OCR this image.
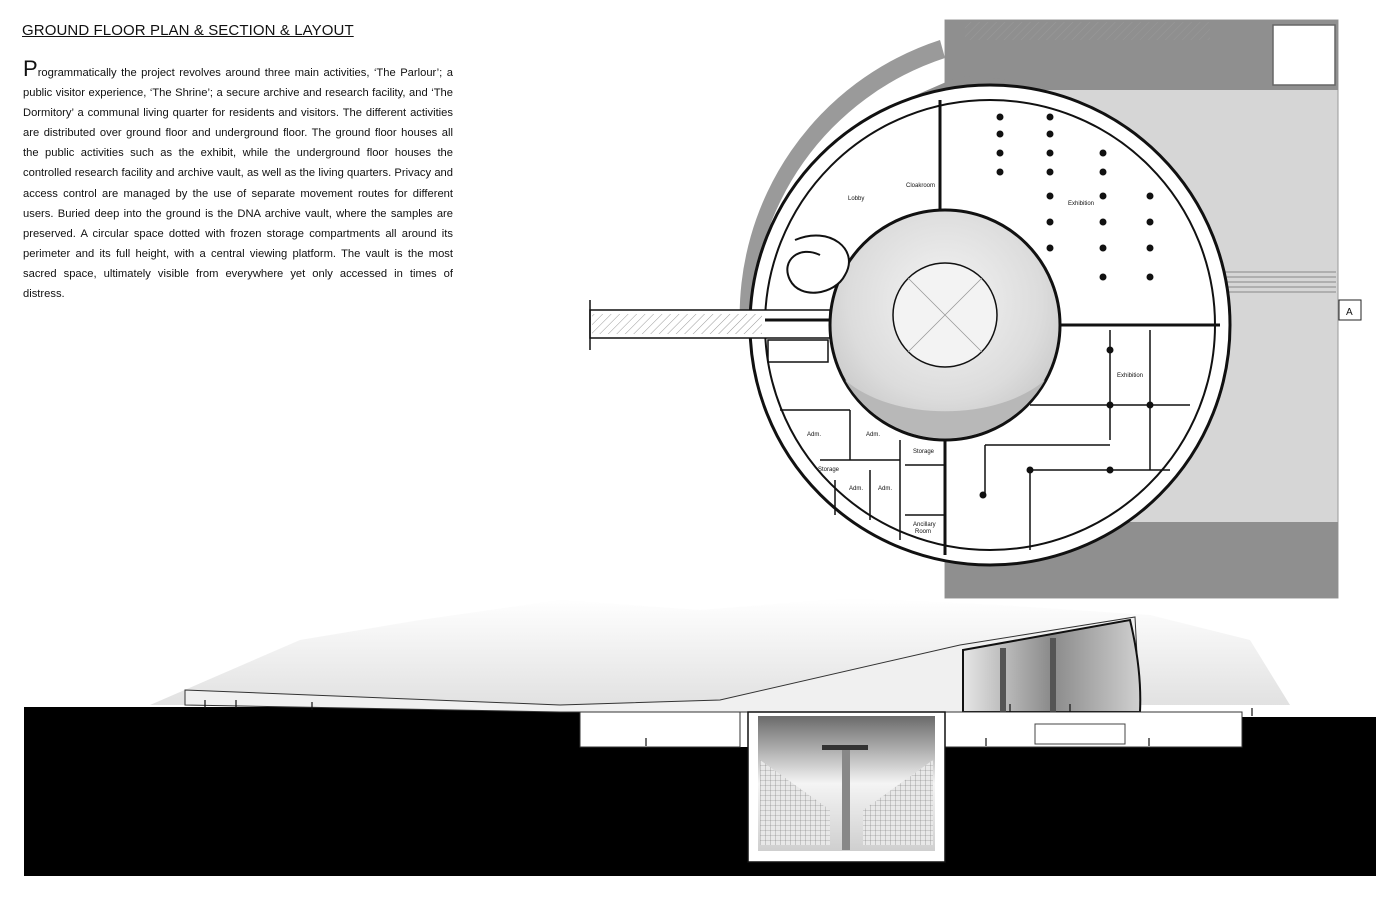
GROUND FLOOR PLAN & SECTION & LAYOUT

Programmatically the project revolves around three main activities, ‘The Parlour’; a public visitor experience, ‘The Shrine’; a secure archive and research facility, and ‘The Dormitory’ a communal living quarter for residents and visitors. The different activities are distributed over ground floor and underground floor. The ground floor houses all the public activities such as the exhibit, while the underground floor houses the controlled research facility and archive vault, as well as the living quarters. Privacy and access control are managed by the use of separate movement routes for different users. Buried deep into the ground is the DNA archive vault, where the samples are preserved. A circular space dotted with frozen storage compartments all around its perimeter and its full height, with a central viewing platform. The vault is the most sacred space, ultimately visible from everywhere yet only accessed in times of distress.

A
Lobby
Cloakroom
Exhibition
Exhibition
Adm.	Adm.
Adm. Adm.
Storage
Storage
Ancillary
Room
